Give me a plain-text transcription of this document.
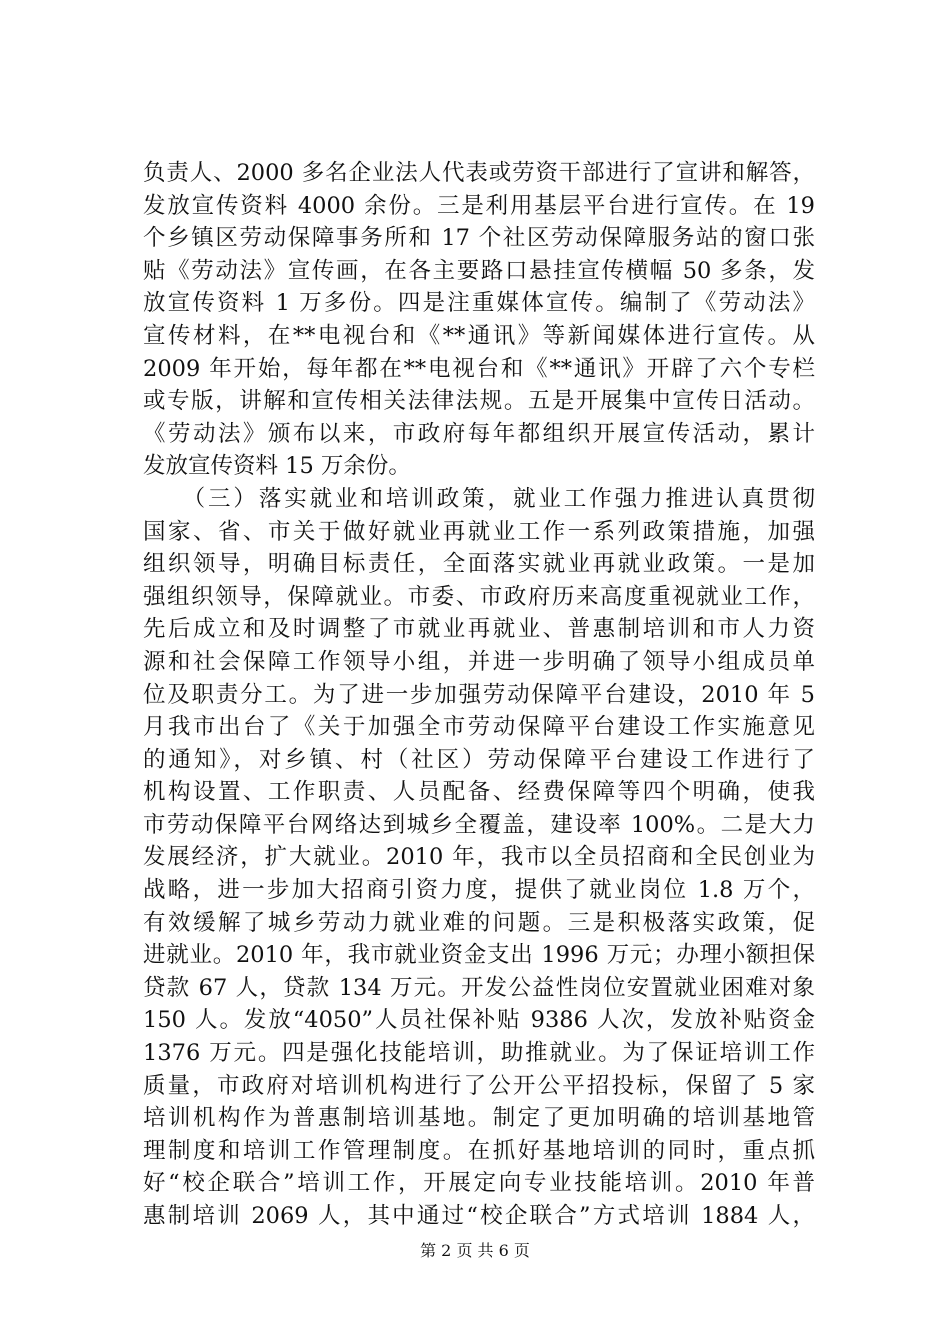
负责人、2000 多名企业法人代表或劳资干部进行了宣讲和解答，
发放宣传资料 4000 余份。三是利用基层平台进行宣传。在 19
个乡镇区劳动保障事务所和 17 个社区劳动保障服务站的窗口张
贴《劳动法》宣传画，在各主要路口悬挂宣传横幅 50 多条，发
放宣传资料 1 万多份。四是注重媒体宣传。编制了《劳动法》
宣传材料，在**电视台和《**通讯》等新闻媒体进行宣传。从
2009 年开始，每年都在**电视台和《**通讯》开辟了六个专栏
或专版，讲解和宣传相关法律法规。五是开展集中宣传日活动。
《劳动法》颁布以来，市政府每年都组织开展宣传活动，累计
发放宣传资料 15 万余份。
　　（三）落实就业和培训政策，就业工作强力推进认真贯彻
国家、省、市关于做好就业再就业工作一系列政策措施，加强
组织领导，明确目标责任，全面落实就业再就业政策。一是加
强组织领导，保障就业。市委、市政府历来高度重视就业工作，
先后成立和及时调整了市就业再就业、普惠制培训和市人力资
源和社会保障工作领导小组，并进一步明确了领导小组成员单
位及职责分工。为了进一步加强劳动保障平台建设，2010 年 5
月我市出台了《关于加强全市劳动保障平台建设工作实施意见
的通知》，对乡镇、村（社区）劳动保障平台建设工作进行了
机构设置、工作职责、人员配备、经费保障等四个明确，使我
市劳动保障平台网络达到城乡全覆盖，建设率 100%。二是大力
发展经济，扩大就业。2010 年，我市以全员招商和全民创业为
战略，进一步加大招商引资力度，提供了就业岗位 1.8 万个，
有效缓解了城乡劳动力就业难的问题。三是积极落实政策，促
进就业。2010 年，我市就业资金支出 1996 万元；办理小额担保
贷款 67 人，贷款 134 万元。开发公益性岗位安置就业困难对象
150 人。发放“4050”人员社保补贴 9386 人次，发放补贴资金
1376 万元。四是强化技能培训，助推就业。为了保证培训工作
质量，市政府对培训机构进行了公开公平招投标，保留了 5 家
培训机构作为普惠制培训基地。制定了更加明确的培训基地管
理制度和培训工作管理制度。在抓好基地培训的同时，重点抓
好“校企联合”培训工作，开展定向专业技能培训。2010 年普
惠制培训 2069 人，其中通过“校企联合”方式培训 1884 人，
第 2 页 共 6 页
